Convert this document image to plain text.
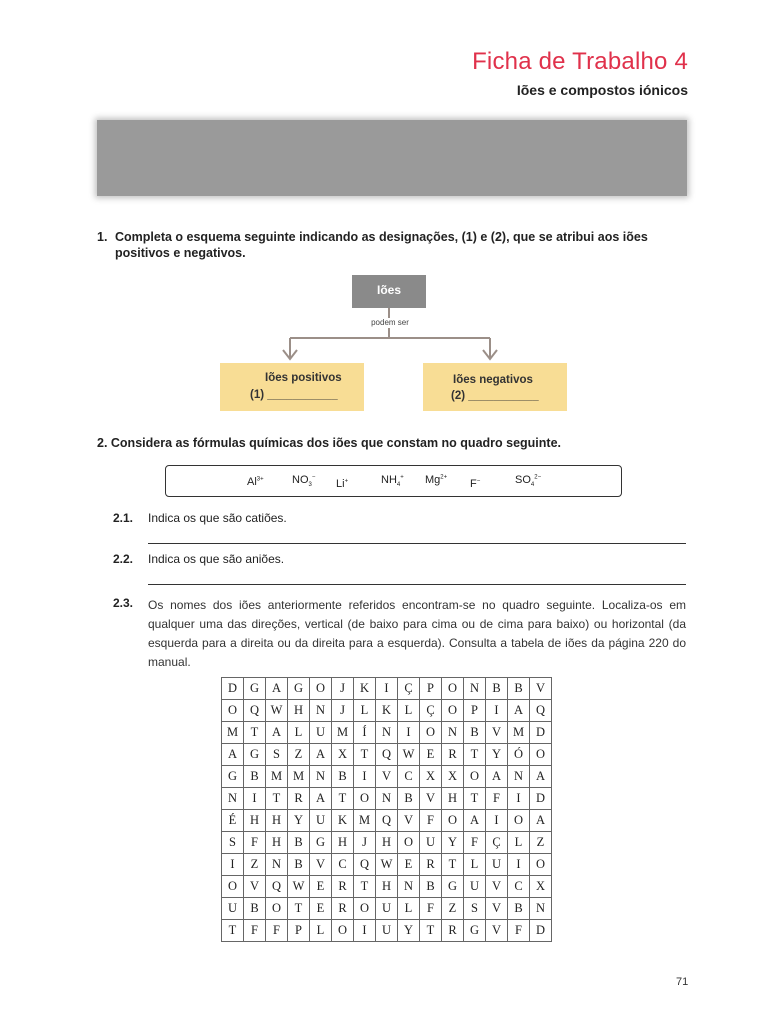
Ficha de Trabalho 4
Iões e compostos iónicos
1. Completa o esquema seguinte indicando as designações, (1) e (2), que se atribui aos iões positivos e negativos.
Iões
podem ser
Iões positivos
(1) ___________
Iões negativos
(2) ___________
2. Considera as fórmulas químicas dos iões que constam no quadro seguinte.
$Al^{3+}$	$NO_3^-$
Li+	$NH_4^+$ $Mg^{2+}$
F−	$SO_4^{2-}$
2.1. Indica os que são catiões.
2.2. Indica os que são aniões.
2.3. Os nomes dos iões anteriormente referidos encontram-se no quadro seguinte. Localiza-os em qualquer uma das direções, vertical (de baixo para cima ou de cima para baixo) ou horizontal (da esquerda para a direita ou da direita para a esquerda). Consulta a tabela de iões da página 220 do manual.
D	G	A	G	O	J	K	I	Ç	P	O	N	B	B	V
O	Q	W	H	N	J	L	K	L	Ç	O	P	I	A	Q
M	T	A	L	U	M	Í	N	I	O	N	B	V	M	D
A	G	S	Z	A	X	T	Q	W	E	R	T	Y	Ó	O
G	B	M	M	N	B	I	V	C	X	X	O	A	N	A
N	I	T	R	A	T	O	N	B	V	H	T	F	I	D
É	H	H	Y	U	K	M	Q	V	F	O	A	I	O	A
S	F	H	B	G	H	J	H	O	U	Y	F	Ç	L	Z
I	Z	N	B	V	C	Q	W	E	R	T	L	U	I	O
O	V	Q	W	E	R	T	H	N	B	G	U	V	C	X
U	B	O	T	E	R	O	U	L	F	Z	S	V	B	N
T	F	F	P	L	O	I	U	Y	T	R	G	V	F	D
71
